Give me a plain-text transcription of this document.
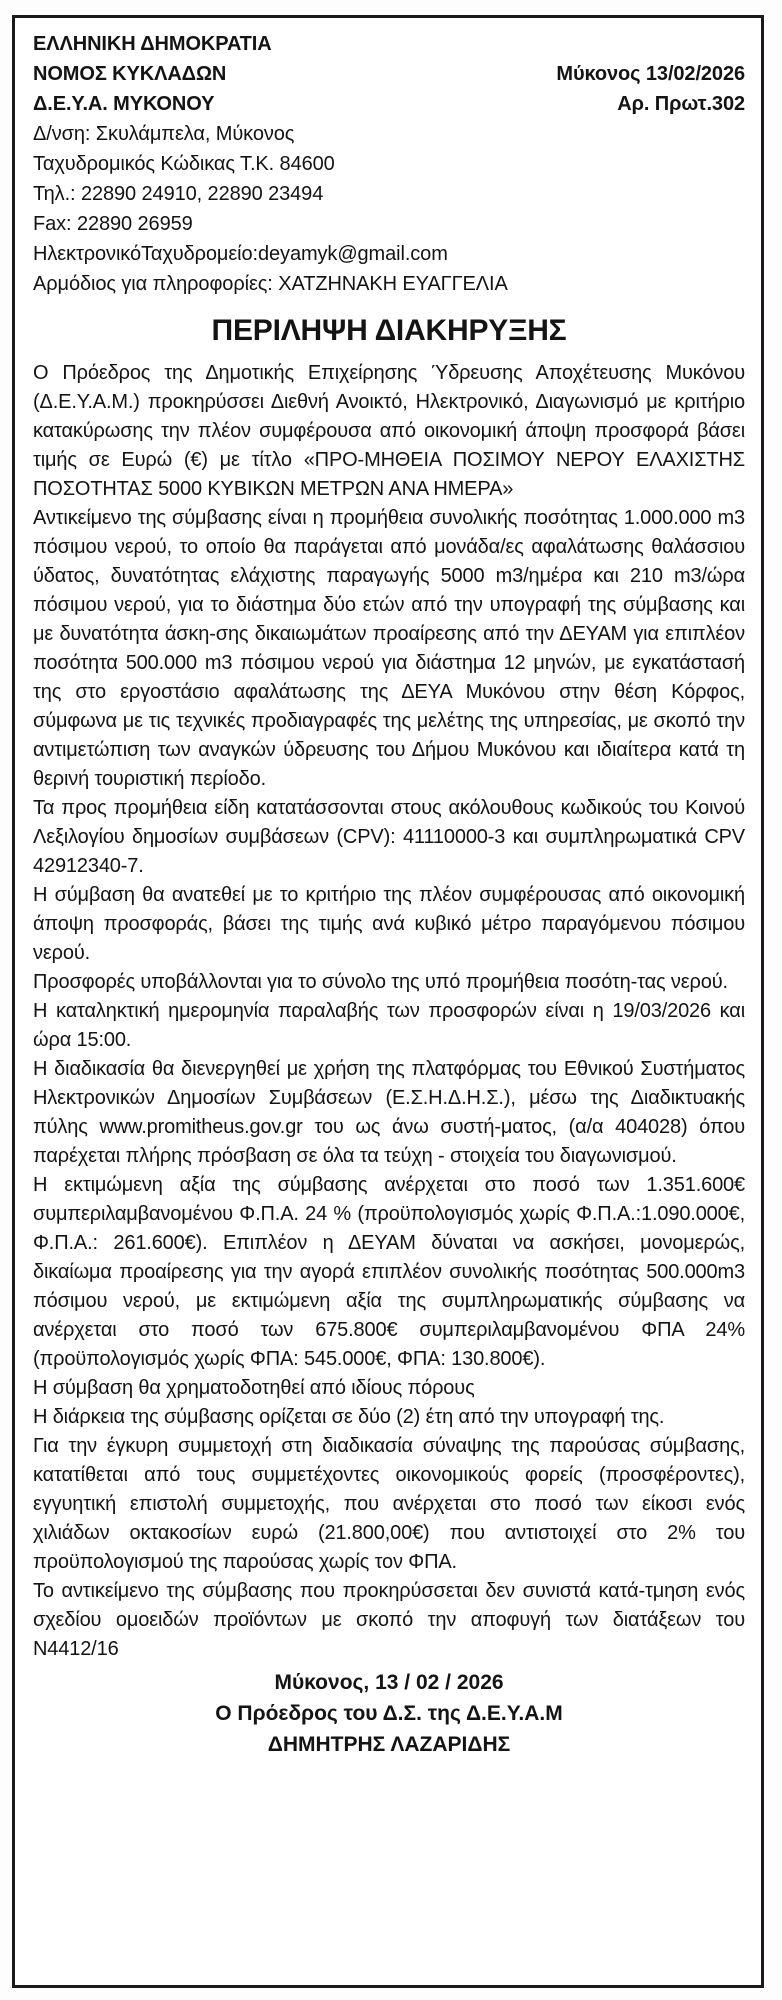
ΕΛΛΗΝΙΚΗ ΔΗΜΟΚΡΑΤΙΑ
ΝΟΜΟΣ ΚΥΚΛΑΔΩΝ	Μύκονος 13/02/2026
Δ.Ε.Υ.Α. ΜΥΚΟΝΟΥ	Αρ. Πρωτ.302
Δ/νση: Σκυλάμπελα, Μύκονος
Ταχυδρομικός Κώδικας Τ.Κ. 84600
Τηλ.: 22890 24910, 22890 23494
Fax: 22890 26959
ΗλεκτρονικόΤαχυδρομείο:deyamyk@gmail.com
Αρμόδιος για πληροφορίες: ΧΑΤΖΗΝΑΚΗ ΕΥΑΓΓΕΛΙΑ
ΠΕΡΙΛΗΨΗ ΔΙΑΚΗΡΥΞΗΣ

Ο Πρόεδρος της Δημοτικής Επιχείρησης Ύδρευσης Αποχέτευσης Μυκόνου (Δ.Ε.Υ.Α.Μ.) προκηρύσσει Διεθνή Ανοικτό, Ηλεκτρονικό, Διαγωνισμό με κριτήριο κατακύρωσης την πλέον συμφέρουσα από οικονομική άποψη προσφορά βάσει τιμής σε Ευρώ (€) με τίτλο «ΠΡΟ-ΜΗΘΕΙΑ ΠΟΣΙΜΟΥ ΝΕΡΟΥ ΕΛΑΧΙΣΤΗΣ ΠΟΣΟΤΗΤΑΣ 5000 ΚΥΒΙΚΩΝ ΜΕΤΡΩΝ ΑΝΑ ΗΜΕΡΑ»

Αντικείμενο της σύμβασης είναι η προμήθεια συνολικής ποσότητας 1.000.000 m3 πόσιμου νερού, το οποίο θα παράγεται από μονάδα/ες αφαλάτωσης θαλάσσιου ύδατος, δυνατότητας ελάχιστης παραγωγής 5000 m3/ημέρα και 210 m3/ώρα πόσιμου νερού, για το διάστημα δύο ετών από την υπογραφή της σύμβασης και με δυνατότητα άσκη-σης δικαιωμάτων προαίρεσης από την ΔΕΥΑΜ για επιπλέον ποσότητα 500.000 m3 πόσιμου νερού για διάστημα 12 μηνών, με εγκατάστασή της στο εργοστάσιο αφαλάτωσης της ΔΕΥΑ Μυκόνου στην θέση Κόρφος, σύμφωνα με τις τεχνικές προδιαγραφές της μελέτης της υπηρεσίας, με σκοπό την αντιμετώπιση των αναγκών ύδρευσης του Δήμου Μυκόνου και ιδιαίτερα κατά τη θερινή τουριστική περίοδο.

Τα προς προμήθεια είδη κατατάσσονται στους ακόλουθους κωδικούς του Κοινού Λεξιλογίου δημοσίων συμβάσεων (CPV): 41110000-3 και συμπληρωματικά CPV 42912340-7.

Η σύμβαση θα ανατεθεί με το κριτήριο της πλέον συμφέρουσας από οικονομική άποψη προσφοράς, βάσει της τιμής ανά κυβικό μέτρο παραγόμενου πόσιμου νερού.

Προσφορές υποβάλλονται για το σύνολο της υπό προμήθεια ποσότη-τας νερού.

Η καταληκτική ημερομηνία παραλαβής των προσφορών είναι η 19/03/2026 και ώρα 15:00.

Η διαδικασία θα διενεργηθεί με χρήση της πλατφόρμας του Εθνικού Συστήματος Ηλεκτρονικών Δημοσίων Συμβάσεων (Ε.Σ.Η.Δ.Η.Σ.), μέσω της Διαδικτυακής πύλης www.promitheus.gov.gr του ως άνω συστή-ματος, (α/α 404028) όπου παρέχεται πλήρης πρόσβαση σε όλα τα τεύχη - στοιχεία του διαγωνισμού.

Η εκτιμώμενη αξία της σύμβασης ανέρχεται στο ποσό των 1.351.600€ συμπεριλαμβανομένου Φ.Π.Α. 24 % (προϋπολογισμός χωρίς Φ.Π.Α.:1.090.000€, Φ.Π.Α.: 261.600€). Επιπλέον η ΔΕΥΑΜ δύναται να ασκήσει, μονομερώς, δικαίωμα προαίρεσης για την αγορά επιπλέον συνολικής ποσότητας 500.000m3 πόσιμου νερού, με εκτιμώμενη αξία της συμπληρωματικής σύμβασης να ανέρχεται στο ποσό των 675.800€ συμπεριλαμβανομένου ΦΠΑ 24% (προϋπολογισμός χωρίς ΦΠΑ: 545.000€, ΦΠΑ: 130.800€).

Η σύμβαση θα χρηματοδοτηθεί από ιδίους πόρους

Η διάρκεια της σύμβασης ορίζεται σε δύο (2) έτη από την υπογραφή της.

Για την έγκυρη συμμετοχή στη διαδικασία σύναψης της παρούσας σύμβασης, κατατίθεται από τους συμμετέχοντες οικονομικούς φορείς (προσφέροντες), εγγυητική επιστολή συμμετοχής, που ανέρχεται στο ποσό των είκοσι ενός χιλιάδων οκτακοσίων ευρώ (21.800,00€) που αντιστοιχεί στο 2% του προϋπολογισμού της παρούσας χωρίς τον ΦΠΑ.

Το αντικείμενο της σύμβασης που προκηρύσσεται δεν συνιστά κατά-τμηση ενός σχεδίου ομοειδών προϊόντων με σκοπό την αποφυγή των διατάξεων του Ν4412/16

Μύκονος, 13 / 02 / 2026
Ο Πρόεδρος του Δ.Σ. της Δ.Ε.Υ.Α.Μ
ΔΗΜΗΤΡΗΣ ΛΑΖΑΡΙΔΗΣ
